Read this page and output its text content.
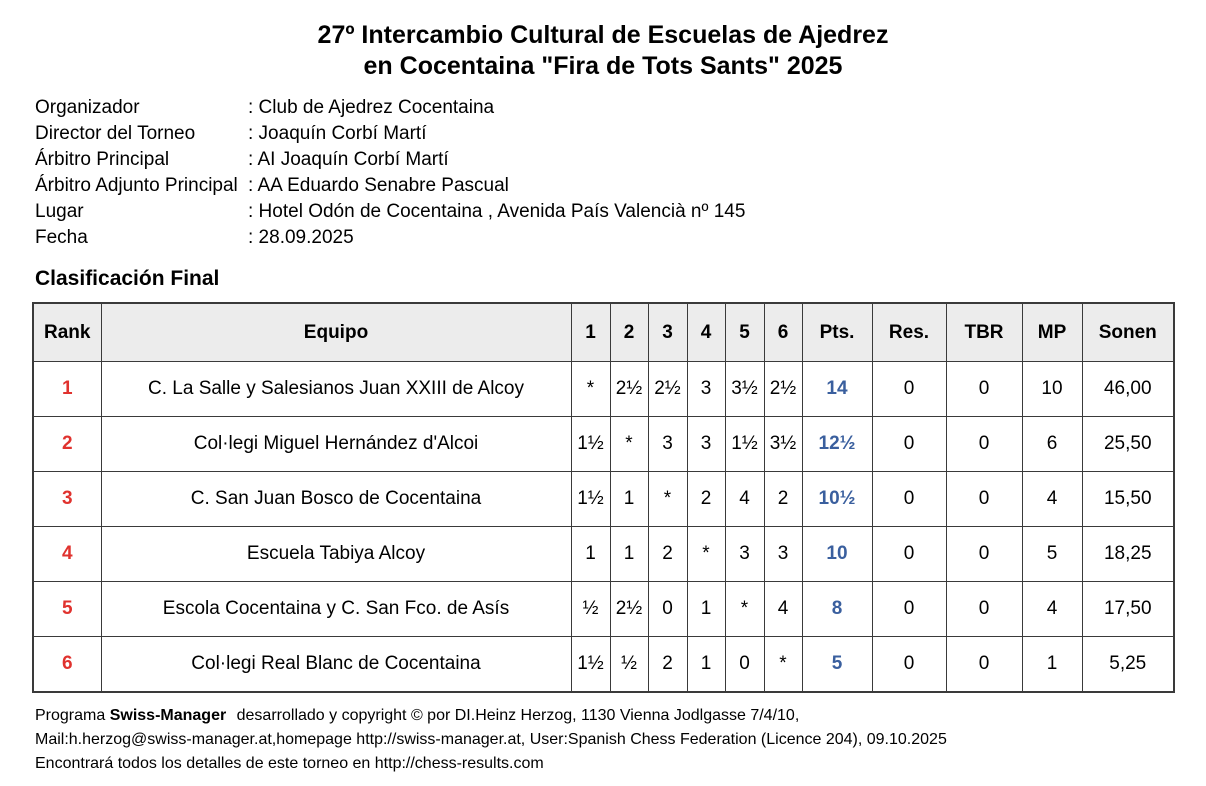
27º Intercambio Cultural de Escuelas de Ajedrez
en Cocentaina "Fira de Tots Sants" 2025
Organizador	: Club de Ajedrez Cocentaina
Director del Torneo	: Joaquín Corbí Martí
Árbitro Principal	: AI Joaquín Corbí Martí
Árbitro Adjunto Principal : AA Eduardo Senabre Pascual
Lugar	: Hotel Odón de Cocentaina , Avenida País Valencià nº 145
Fecha	: 28.09.2025
Clasificación Final
Rank	Equipo	1	2	3	4	5	6	Pts.	Res.	TBR	MP	Sonen
1	C. La Salle y Salesianos Juan XXIII de Alcoy	*	2½	2½	3	3½	2½	14	0	0	10	46,00
2	Col·legi Miguel Hernández d'Alcoi	1½	*	3	3	1½	3½	12½	0	0	6	25,50
3	C. San Juan Bosco de Cocentaina	1½	1	*	2	4	2	10½	0	0	4	15,50
4	Escuela Tabiya Alcoy	1	1	2	*	3	3	10	0	0	5	18,25
5	Escola Cocentaina y C. San Fco. de Asís	½	2½	0	1	*	4	8	0	0	4	17,50
6	Col·legi Real Blanc de Cocentaina	1½	½	2	1	0	*	5	0	0	1	5,25
Programa Swiss-Manager desarrollado y copyright © por DI.Heinz Herzog, 1130 Vienna Jodlgasse 7/4/10,
Mail:h.herzog@swiss-manager.at,homepage http://swiss-manager.at, User:Spanish Chess Federation (Licence 204), 09.10.2025
Encontrará todos los detalles de este torneo en http://chess-results.com
